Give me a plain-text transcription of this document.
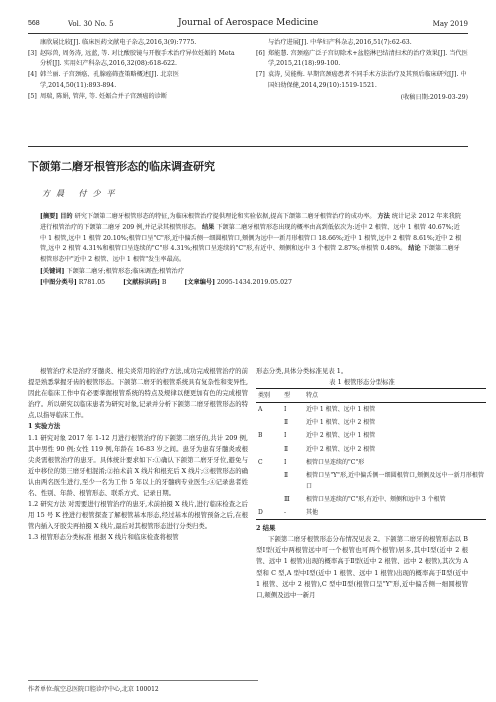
568	Vol. 30 No. 5	Journal of Aerospace Medicine	May 2019
康欣展比较[J]. 临床医药文献电子杂志,2016,3(9):7775.
[3] 赵际兽, 周务涛, 远蓝, 等. 对比酸胶镜与开腹手术治疗异位妊娠的 Meta 分析[J]. 实用妇产科杂志,2016,32(08):618-622.
[4] 韩兰丽. 子宫颈癌、孔腺癌筛查策略概述[J]. 北京医学,2014,50(11):893-894.
[5] 周瑞, 陈娟, 管萍, 等. 妊娠合并子宫颈癌的诊断
与治疗进展[J]. 中华妇产科杂志,2016,51(7):62-63.
[6] 郑能慧. 宫颈癌广泛子宫切除术+盆腔淋巴结清扫术的治疗效果[J]. 当代医学,2015,21(18):99-100.
[7] 袁涛, 吴能梅. 早期宫颈癌患者不同手术方法治疗及其预后临床研究[J]. 中国妇幼保健,2014,29(10):1519-1521.
(收稿日期:2019-03-29)
下颌第二磨牙根管形态的临床调查研究
方晨 付少平
[摘要] 目的 研究下颌第二磨牙根管形态的特征,为临床根管治疗提供理论和实验依据,提高下颌第二磨牙根管治疗的成功率。 方法 统计记录 2012 年来我院进行根管治疗的下颌第二磨牙 209 例,并记录其根管形态。 结果 下颌第二磨牙根管形态出现的概率由高到低依次为:近中 2 根管、远中 1 根管 40.67%;近中 1 根管,远中 1 根管 20.10%;根管口呈"C"形,近中偏舌侧一细圆根管口,颊侧为远中一新月形根管口 18.66%;近中 1 根管,远中 2 根管 8.61%;近中 2 根管,远中 2 根管 4.31%和根管口呈连续的"C"形 4.31%;根管口呈连续的"C"形,有近中、颊侧和远中 3 个根管 2.87%;单根管 0.48%。 结论 下颌第二磨牙根管形态中"近中 2 根管、远中 1 根管"发生率最高。
[关键词] 下颌第二磨牙;根管形态;临床调查;根管治疗
[中图分类号] R781.05	[文献标识码] B	[文章编号] 2095-1434.2019.05.027
根管治疗术是治疗牙髓炎、根尖炎常用的治疗方法,成功完成根管治疗的前提是熟悉掌握牙齿的根管形态。下颌第二磨牙的根管系统具有复杂性和变异性,因此在临床工作中有必要掌握根管系统的特点及规律以便更加有色的完成根管治疗。所以研究以临床患者为研究对象,记录并分析下颌第二磨牙根管形态的特点,以指导临床工作。
1 实验方法
1.1 研究对象 2017 年 1-12 月进行根管治疗的下颌第二磨牙的,共计 209 例,其中男性 90 例;女性 119 例,年龄在 16-83 岁之间。患牙为患有牙髓炎或根尖炎需根管治疗的患牙。具体统计要求如下:①确认下颌第二磨牙牙位,避免与近中移位的第三磨牙相混淆;②拍术前 X 线片和根充后 X 线片;③根管形态的确认由两名医生进行,至少一名为工作 5 年以上的牙髓病专业医生;④记录患者姓名、性别、年龄、根管形态、联系方式、记录日期。
1.2 研究方法 对需要进行根管治疗的患牙,术前拍摄 X 线片,进行临床检查之后用 15 号 K 挫进行根管探查了解根管基本形态,经过基本的根管预备之后,在根管内插入牙胶尖再拍摄 X 线片,最后对其根管形态进行分类归类。
1.3 根管形态分类标准 根据 X 线片和临床检查将根管
作者单位:航空总医院口腔诊疗中心,北京 100012
形态分类,具体分类标准见表 1。
表 1 根管形态分型标准
类别	型	特点
A	Ⅰ	近中 1 根管、远中 1 根管
	Ⅱ	近中 1 根管、远中 2 根管
B	Ⅰ	近中 2 根管、远中 1 根管
	Ⅱ	近中 2 根管、远中 2 根管
C	Ⅰ	根管口呈连续的"C"形
	Ⅱ	根管口呈"Y"形,近中偏舌侧一细圆根管口,颊侧及远中一新月形根管口
	Ⅲ	根管口呈连续的"C"形,有近中、颊侧和远中 3 个根管
D	-	其他
2 结果
下颌第二磨牙根管形态分布情况见表 2。下颌第二磨牙的根管形态以 B 型Ⅰ型(近中两根管远中可一个根管也可两个根管)居多,其中Ⅰ型(近中 2 根管、远中 1 根管)出现的概率高于Ⅱ型(近中 2 根管、远中 2 根管),其次为 A 型和 C 型,A 型中Ⅰ型(近中 1 根管、远中 1 根管)出现的概率高于Ⅱ型(近中 1 根管、远中 2 根管),C 型中Ⅱ型(根管口呈"Y"形,近中偏舌侧一细圆根管口,颊侧及远中一新月
